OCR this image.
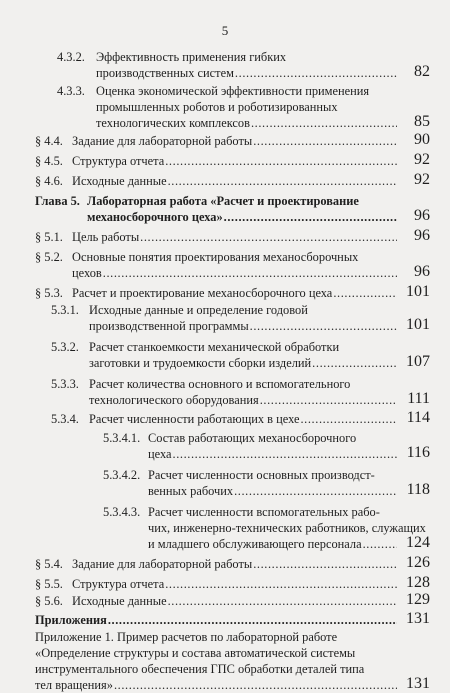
5
4.3.2. Эффективность применения гибких
производственных систем .....	82
4.3.3. Оценка экономической эффективности применения
промышленных роботов и роботизированных
технологических комплексов .....	85
§ 4.4. Задание для лабораторной работы .....	90
§ 4.5. Структура отчета .....	92
§ 4.6. Исходные данные .....	92
Глава 5. Лабораторная работа «Расчет и проектирование
механосборочного цеха» .....	96
§ 5.1. Цель работы .....	96
§ 5.2. Основные понятия проектирования механосборочных
цехов .....	96
§ 5.3. Расчет и проектирование механосборочного цеха .....	101
5.3.1. Исходные данные и определение годовой
производственной программы .....	101
5.3.2. Расчет станкоемкости механической обработки
заготовки и трудоемкости сборки изделий .....	107
5.3.3. Расчет количества основного и вспомогательного
технологического оборудования .....	111
5.3.4. Расчет численности работающих в цехе .....	114
5.3.4.1. Состав работающих механосборочного
цеха .....	116
5.3.4.2. Расчет численности основных производст-
венных рабочих .....	118
5.3.4.3. Расчет численности вспомогательных рабо-
чих, инженерно-технических работников, служащих
и младшего обслуживающего персонала .....	124
§ 5.4. Задание для лабораторной работы .....	126
§ 5.5. Структура отчета .....	128
§ 5.6. Исходные данные .....	129
Приложения .....	131
Приложение 1. Пример расчетов по лабораторной работе
«Определение структуры и состава автоматической системы
инструментального обеспечения ГПС обработки деталей типа
тел вращения» .....	131
